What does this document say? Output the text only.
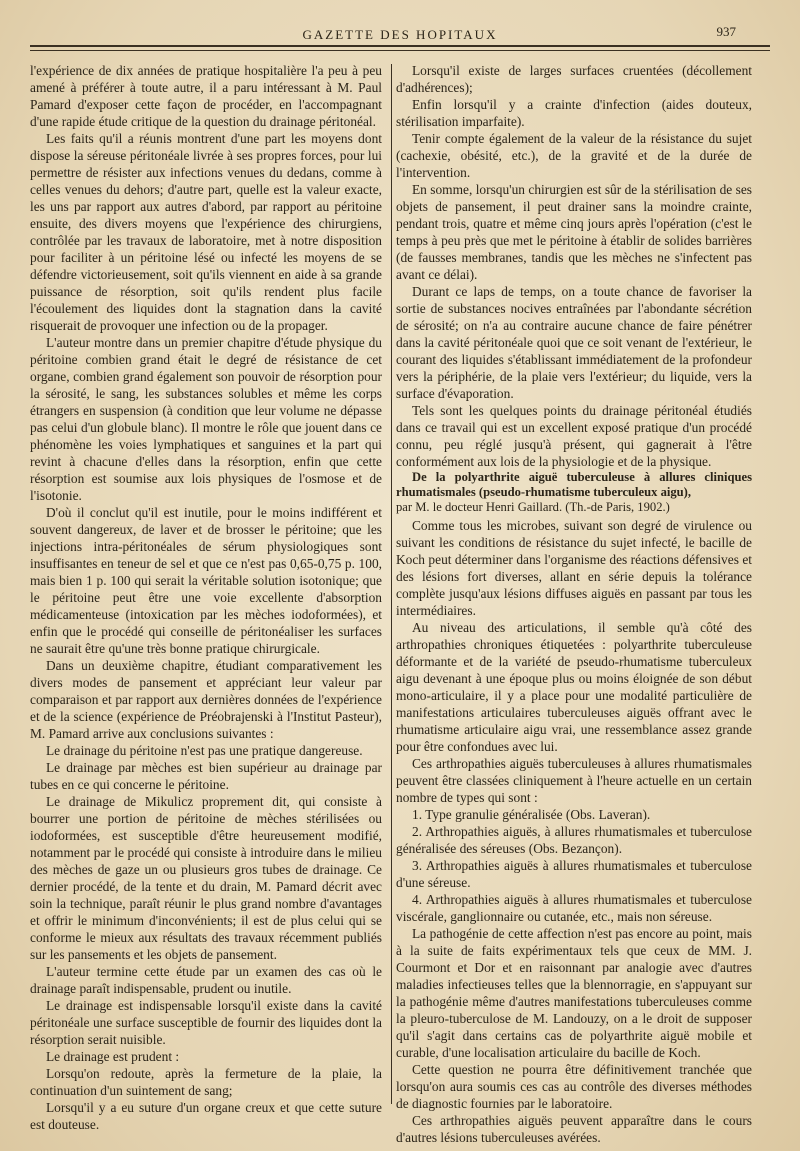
GAZETTE DES HOPITAUX	937

l'expérience de dix années de pratique hospitalière l'a peu à peu amené à préférer à toute autre, il a paru intéressant à M. Paul Pamard d'exposer cette façon de procéder, en l'accompagnant d'une rapide étude critique de la question du drainage péritonéal.

Les faits qu'il a réunis montrent d'une part les moyens dont dispose la séreuse péritonéale livrée à ses propres forces, pour lui permettre de résister aux infections venues du dedans, comme à celles venues du dehors; d'autre part, quelle est la valeur exacte, les uns par rapport aux autres d'abord, par rapport au péritoine ensuite, des divers moyens que l'expérience des chirurgiens, contrôlée par les travaux de laboratoire, met à notre disposition pour faciliter à un péritoine lésé ou infecté les moyens de se défendre victorieusement, soit qu'ils viennent en aide à sa grande puissance de résorption, soit qu'ils rendent plus facile l'écoulement des liquides dont la stagnation dans la cavité risquerait de provoquer une infection ou de la propager.

L'auteur montre dans un premier chapitre d'étude physique du péritoine combien grand était le degré de résistance de cet organe, combien grand également son pouvoir de résorption pour la sérosité, le sang, les substances solubles et même les corps étrangers en suspension (à condition que leur volume ne dépasse pas celui d'un globule blanc). Il montre le rôle que jouent dans ce phénomène les voies lymphatiques et sanguines et la part qui revint à chacune d'elles dans la résorption, enfin que cette résorption est soumise aux lois physiques de l'osmose et de l'isotonie.

D'où il conclut qu'il est inutile, pour le moins indifférent et souvent dangereux, de laver et de brosser le péritoine; que les injections intra-péritonéales de sérum physiologiques sont insuffisantes en teneur de sel et que ce n'est pas 0,65-0,75 p. 100, mais bien 1 p. 100 qui serait la véritable solution isotonique; que le péritoine peut être une voie excellente d'absorption médicamenteuse (intoxication par les mèches iodoformées), et enfin que le procédé qui conseille de péritonéaliser les surfaces ne saurait être qu'une très bonne pratique chirurgicale.

Dans un deuxième chapitre, étudiant comparativement les divers modes de pansement et appréciant leur valeur par comparaison et par rapport aux dernières données de l'expérience et de la science (expérience de Préobrajenski à l'Institut Pasteur), M. Pamard arrive aux conclusions suivantes :

Le drainage du péritoine n'est pas une pratique dangereuse.

Le drainage par mèches est bien supérieur au drainage par tubes en ce qui concerne le péritoine.

Le drainage de Mikulicz proprement dit, qui consiste à bourrer une portion de péritoine de mèches stérilisées ou iodoformées, est susceptible d'être heureusement modifié, notamment par le procédé qui consiste à introduire dans le milieu des mèches de gaze un ou plusieurs gros tubes de drainage. Ce dernier procédé, de la tente et du drain, M. Pamard décrit avec soin la technique, paraît réunir le plus grand nombre d'avantages et offrir le minimum d'inconvénients; il est de plus celui qui se conforme le mieux aux résultats des travaux récemment publiés sur les pansements et les objets de pansement.

L'auteur termine cette étude par un examen des cas où le drainage paraît indispensable, prudent ou inutile.

Le drainage est indispensable lorsqu'il existe dans la cavité péritonéale une surface susceptible de fournir des liquides dont la résorption serait nuisible.

Le drainage est prudent :

Lorsqu'on redoute, après la fermeture de la plaie, la continuation d'un suintement de sang;

Lorsqu'il y a eu suture d'un organe creux et que cette suture est douteuse.

Lorsqu'il existe de larges surfaces cruentées (décollement d'adhérences);

Enfin lorsqu'il y a crainte d'infection (aides douteux, stérilisation imparfaite).

Tenir compte également de la valeur de la résistance du sujet (cachexie, obésité, etc.), de la gravité et de la durée de l'intervention.

En somme, lorsqu'un chirurgien est sûr de la stérilisation de ses objets de pansement, il peut drainer sans la moindre crainte, pendant trois, quatre et même cinq jours après l'opération (c'est le temps à peu près que met le péritoine à établir de solides barrières (de fausses membranes, tandis que les mèches ne s'infectent pas avant ce délai).

Durant ce laps de temps, on a toute chance de favoriser la sortie de substances nocives entraînées par l'abondante sécrétion de sérosité; on n'a au contraire aucune chance de faire pénétrer dans la cavité péritonéale quoi que ce soit venant de l'extérieur, le courant des liquides s'établissant immédiatement de la profondeur vers la périphérie, de la plaie vers l'extérieur; du liquide, vers la surface d'évaporation.

Tels sont les quelques points du drainage péritonéal étudiés dans ce travail qui est un excellent exposé pratique d'un procédé connu, peu réglé jusqu'à présent, qui gagnerait à l'être conformément aux lois de la physiologie et de la physique.

De la polyarthrite aiguë tuberculeuse à allures cliniques rhumatismales (pseudo-rhumatisme tuberculeux aigu),
par M. le docteur Henri Gaillard. (Th.-de Paris, 1902.)

Comme tous les microbes, suivant son degré de virulence ou suivant les conditions de résistance du sujet infecté, le bacille de Koch peut déterminer dans l'organisme des réactions défensives et des lésions fort diverses, allant en série depuis la tolérance complète jusqu'aux lésions diffuses aiguës en passant par tous les intermédiaires.

Au niveau des articulations, il semble qu'à côté des arthropathies chroniques étiquetées : polyarthrite tuberculeuse déformante et de la variété de pseudo-rhumatisme tuberculeux aigu devenant à une époque plus ou moins éloignée de son début mono-articulaire, il y a place pour une modalité particulière de manifestations articulaires tuberculeuses aiguës offrant avec le rhumatisme articulaire aigu vrai, une ressemblance assez grande pour être confondues avec lui.

Ces arthropathies aiguës tuberculeuses à allures rhumatismales peuvent être classées cliniquement à l'heure actuelle en un certain nombre de types qui sont :

1. Type granulie généralisée (Obs. Laveran).

2. Arthropathies aiguës, à allures rhumatismales et tuberculose généralisée des séreuses (Obs. Bezançon).

3. Arthropathies aiguës à allures rhumatismales et tuberculose d'une séreuse.

4. Arthropathies aiguës à allures rhumatismales et tuberculose viscérale, ganglionnaire ou cutanée, etc., mais non séreuse.

La pathogénie de cette affection n'est pas encore au point, mais à la suite de faits expérimentaux tels que ceux de MM. J. Courmont et Dor et en raisonnant par analogie avec d'autres maladies infectieuses telles que la blennorragie, en s'appuyant sur la pathogénie même d'autres manifestations tuberculeuses comme la pleuro-tuberculose de M. Landouzy, on a le droit de supposer qu'il s'agit dans certains cas de polyarthrite aiguë mobile et curable, d'une localisation articulaire du bacille de Koch.

Cette question ne pourra être définitivement tranchée que lorsqu'on aura soumis ces cas au contrôle des diverses méthodes de diagnostic fournies par le laboratoire.

Ces arthropathies aiguës peuvent apparaître dans le cours d'autres lésions tuberculeuses avérées.
